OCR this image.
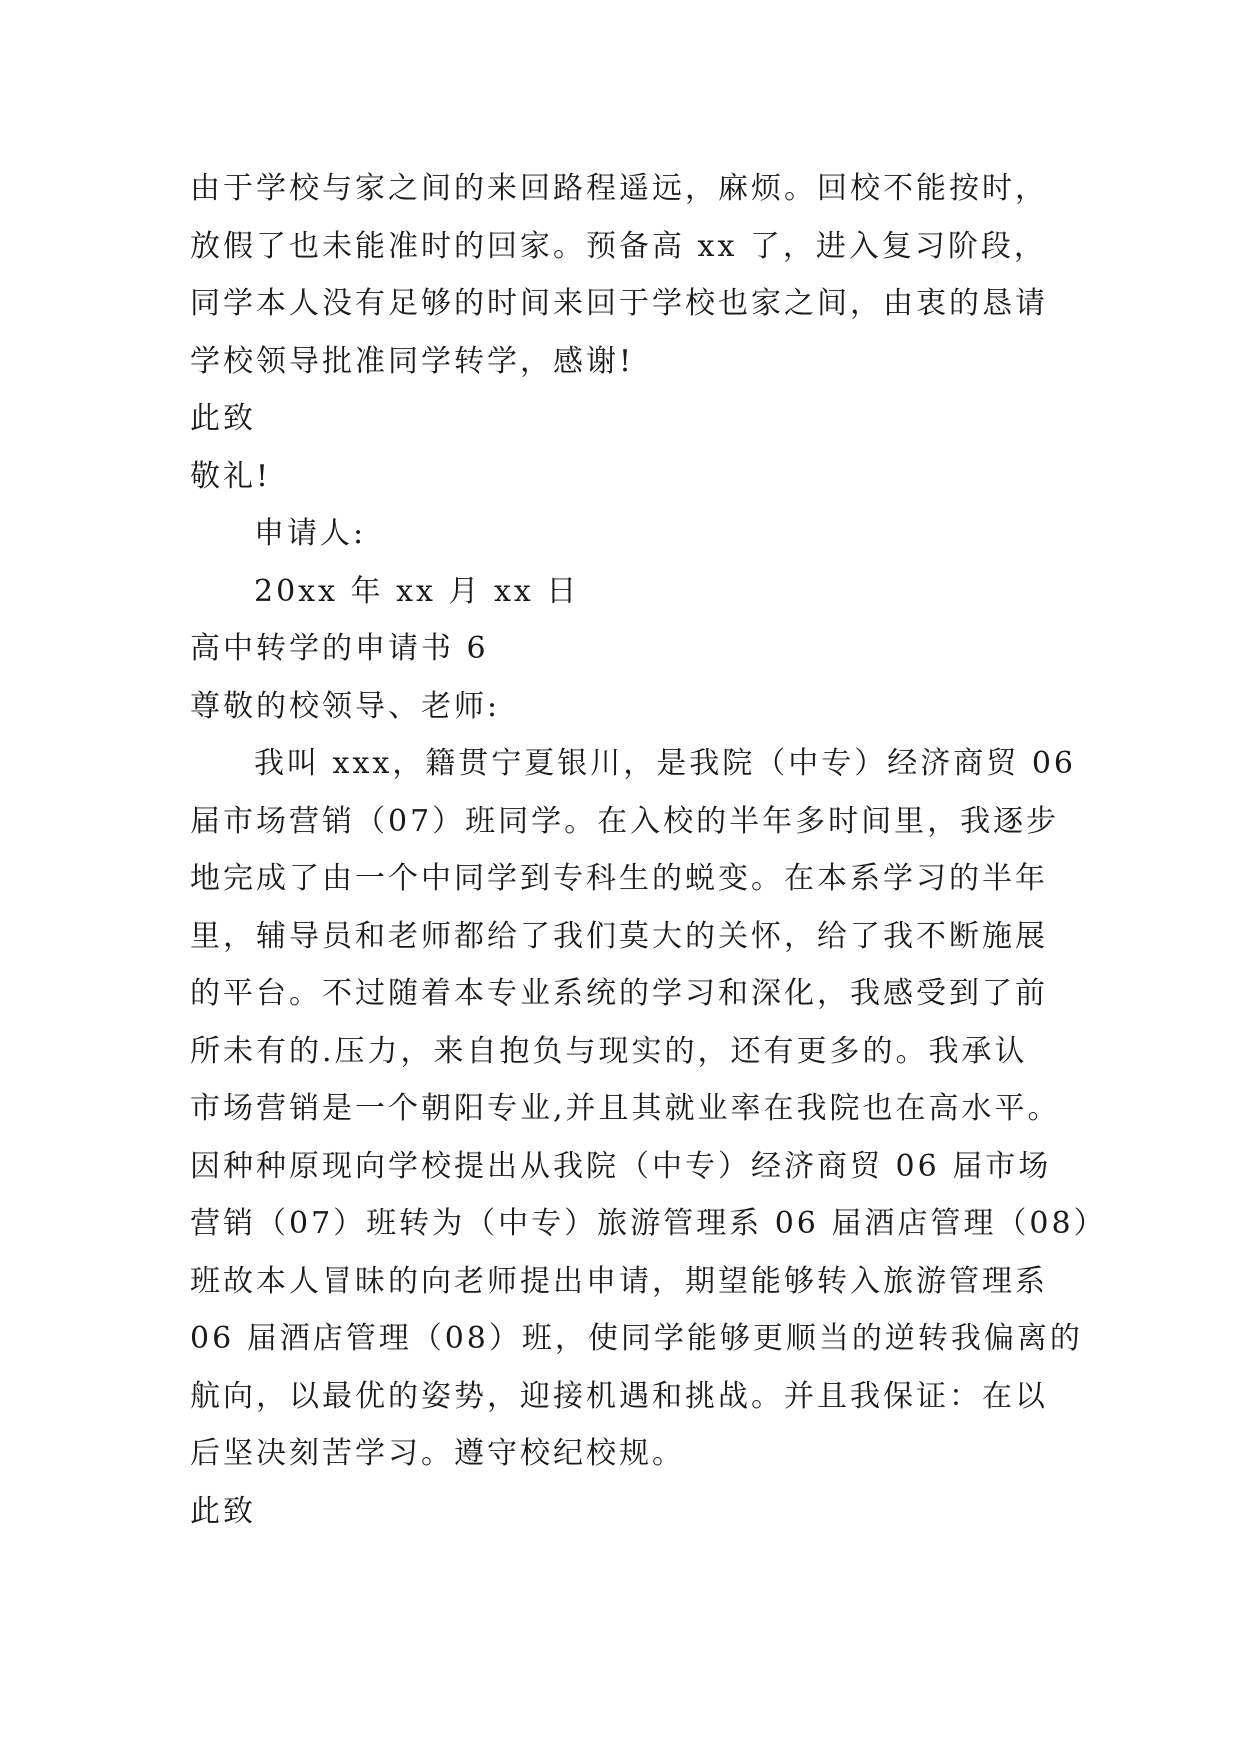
由于学校与家之间的来回路程遥远，麻烦。回校不能按时，
放假了也未能准时的回家。预备高 xx 了，进入复习阶段，
同学本人没有足够的时间来回于学校也家之间，由衷的恳请
学校领导批准同学转学，感谢!
此致
敬礼!
申请人:
20xx 年 xx 月 xx 日
高中转学的申请书 6
尊敬的校领导、老师:
我叫 xxx，籍贯宁夏银川，是我院（中专）经济商贸 06
届市场营销（07）班同学。在入校的半年多时间里，我逐步
地完成了由一个中同学到专科生的蜕变。在本系学习的半年
里，辅导员和老师都给了我们莫大的关怀，给了我不断施展
的平台。不过随着本专业系统的学习和深化，我感受到了前
所未有的.压力，来自抱负与现实的，还有更多的。我承认
市场营销是一个朝阳专业,并且其就业率在我院也在高水平。
因种种原现向学校提出从我院（中专）经济商贸 06 届市场
营销（07）班转为（中专）旅游管理系 06 届酒店管理（08）
班故本人冒昧的向老师提出申请，期望能够转入旅游管理系
06 届酒店管理（08）班，使同学能够更顺当的逆转我偏离的
航向，以最优的姿势，迎接机遇和挑战。并且我保证：在以
后坚决刻苦学习。遵守校纪校规。
此致
